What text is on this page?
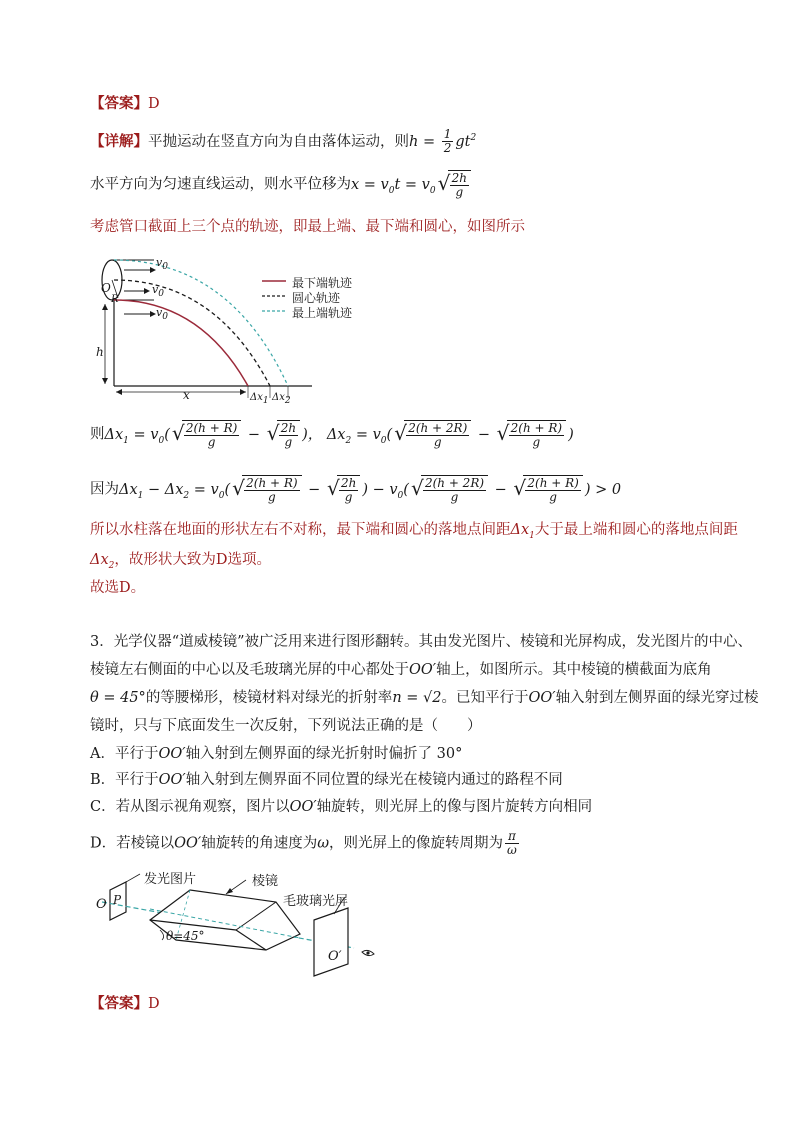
【答案】D
【详解】平抛运动在竖直方向为自由落体运动，则$h = \frac{1}{2} gt^2$
水平方向为匀速直线运动，则水平位移为$x = v_0t = v_0$ √ $\frac{2h}{g}$
考虑管口截面上三个点的轨迹，即最上端、最下端和圆心，如图所示
$v_0$
$v_0$
$v_0$
O
R
h
x	$\Delta x_1$ $\Delta x_2$
最下端轨迹
圆心轨迹
最上端轨迹
则$\Delta x_1 = v_0$( √ $\frac{2(h + R)}{g}$ − √ $\frac{2h}{g}$ )， $\Delta x_2 = v_0$( √ $\frac{2(h + 2R)}{g}$ − √ $\frac{2(h + R)}{g}$ )
因为$\Delta x_1 - \Delta x_2 = v_0$( √ $\frac{2(h + R)}{g}$ − √ $\frac{2h}{g}$ ) − $v_0$( √ $\frac{2(h + 2R)}{g}$ − √ $\frac{2(h + R)}{g}$ ) > 0
所以水柱落在地面的形状左右不对称，最下端和圆心的落地点间距$\Delta x_1$大于最上端和圆心的落地点间距
$\Delta x_2$，故形状大致为D选项。
故选D。
3．光学仪器“道威棱镜”被广泛用来进行图形翻转。其由发光图片、棱镜和光屏构成，发光图片的中心、
棱镜左右侧面的中心以及毛玻璃光屏的中心都处于OO′轴上，如图所示。其中棱镜的横截面为底角
θ = 45°的等腰梯形，棱镜材料对绿光的折射率n = √2。已知平行于OO′轴入射到左侧界面的绿光穿过棱
镜时，只与下底面发生一次反射，下列说法正确的是（　　）
A．平行于OO′轴入射到左侧界面的绿光折射时偏折了 30°
B．平行于OO′轴入射到左侧界面不同位置的绿光在棱镜内通过的路程不同
C．若从图示视角观察，图片以OO′轴旋转，则光屏上的像与图片旋转方向相同
D．若棱镜以OO′轴旋转的角速度为ω，则光屏上的像旋转周期为 $\frac{\pi}{\omega}$
O P
发光图片	棱镜
毛玻璃光屏
θ=45°
O′
【答案】D
